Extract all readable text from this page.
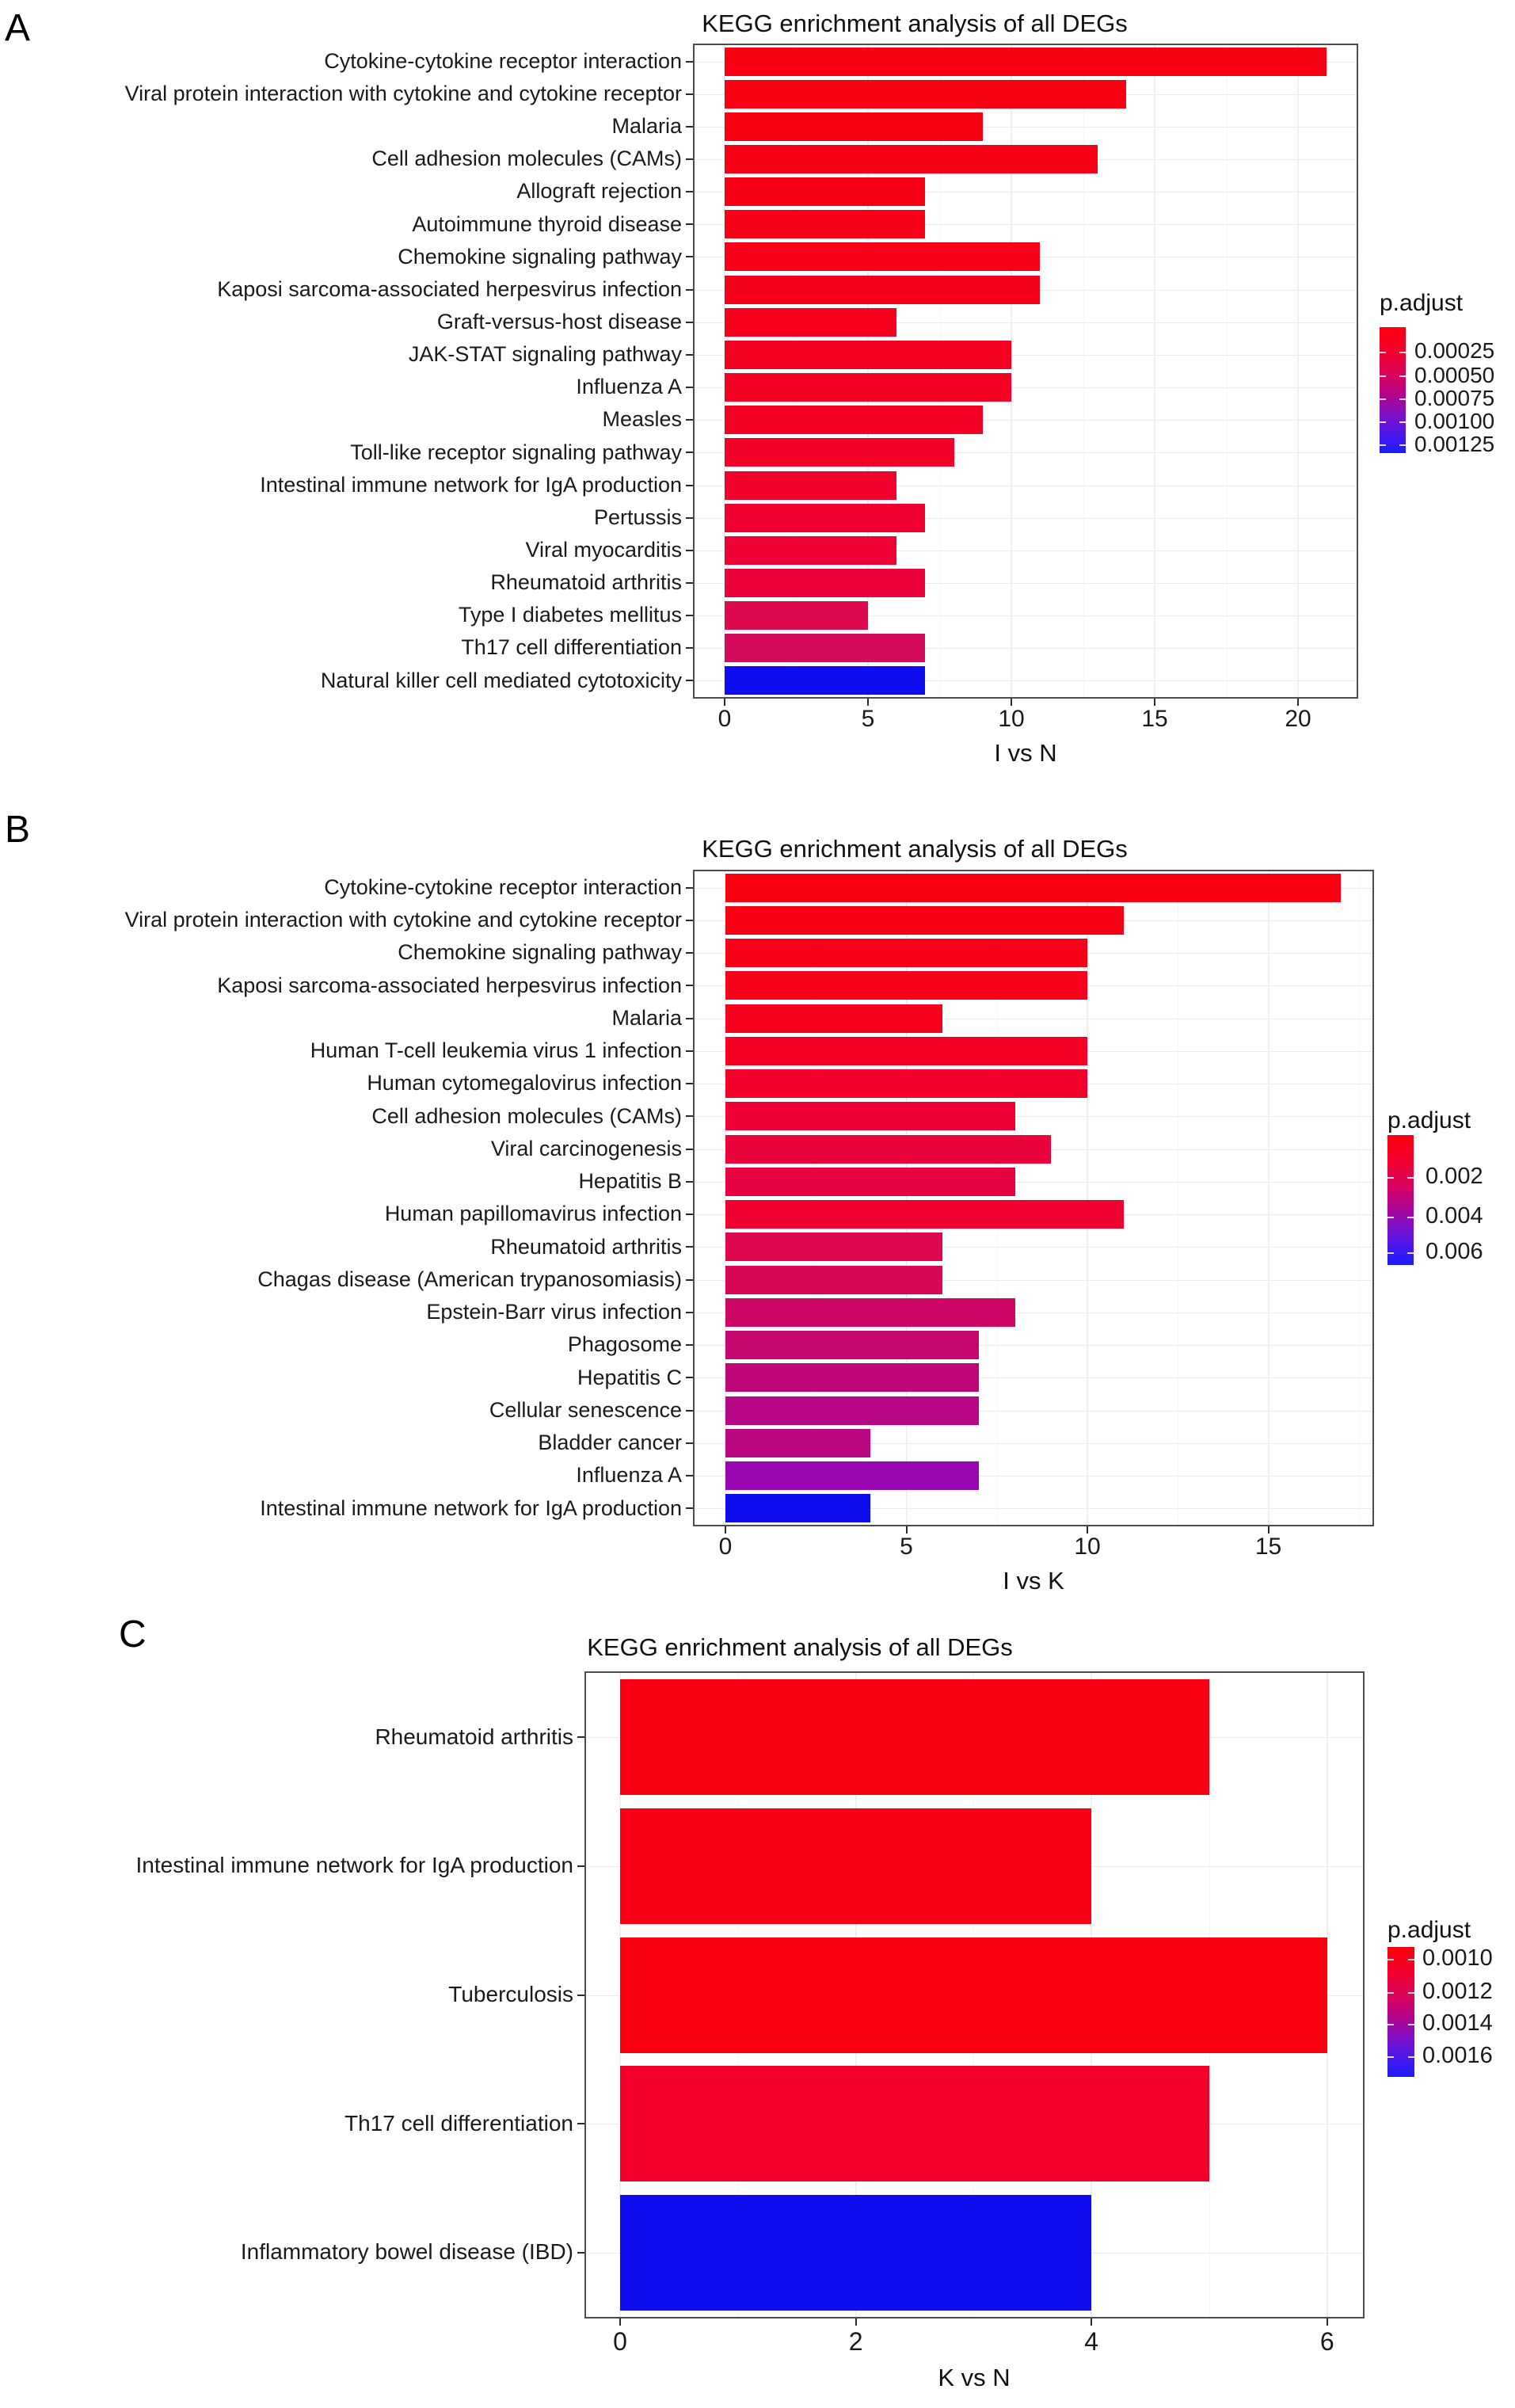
A	KEGG enrichment analysis of all DEGs
Cytokine-cytokine receptor interaction
Viral protein interaction with cytokine and cytokine receptor
Malaria
Cell adhesion molecules (CAMs)
Allograft rejection
Autoimmune thyroid disease
Chemokine signaling pathway
Kaposi sarcoma-associated herpesvirus infection
Graft-versus-host disease
JAK-STAT signaling pathway
Influenza A
Measles
Toll-like receptor signaling pathway
Intestinal immune network for IgA production
Pertussis
Viral myocarditis
Rheumatoid arthritis
Type I diabetes mellitus
Th17 cell differentiation
Natural killer cell mediated cytotoxicity
0	5	10	15	20
I vs N
p.adjust
B	KEGG enrichment analysis of all DEGs
Cytokine-cytokine receptor interaction
Viral protein interaction with cytokine and cytokine receptor
Chemokine signaling pathway
Kaposi sarcoma-associated herpesvirus infection
Malaria
Human T-cell leukemia virus 1 infection
Human cytomegalovirus infection
Cell adhesion molecules (CAMs)
Viral carcinogenesis
Hepatitis B
Human papillomavirus infection
Rheumatoid arthritis
Chagas disease (American trypanosomiasis)
Epstein-Barr virus infection
Phagosome
Hepatitis C
Cellular senescence
Bladder cancer
Influenza A
Intestinal immune network for IgA production
0	5	10	15
I vs K
p.adjust
C	KEGG enrichment analysis of all DEGs
Rheumatoid arthritis
Intestinal immune network for IgA production
Tuberculosis
Th17 cell differentiation
Inflammatory bowel disease (IBD)
0	2	4	6
K vs N
p.adjust
0.00025
0.00050
0.00075
0.00100
0.00125
0.002
0.004
0.006
0.0010
0.0012
0.0014
0.0016
